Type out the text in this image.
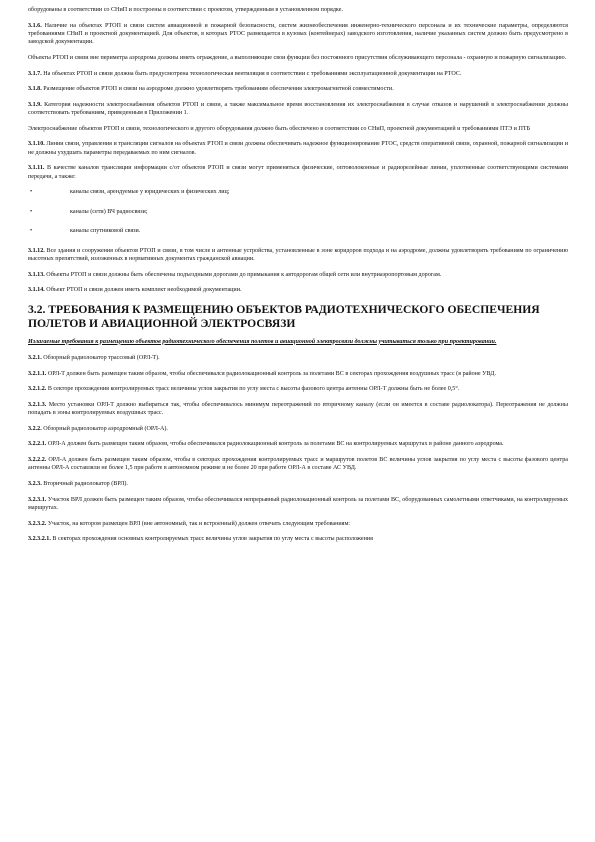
оборудованы в соответствии со СНиП и построены в соответствии с проектом, утвержденным в установленном порядке.

3.1.6. Наличие на объектах РТОП и связи систем авиационной и пожарной безопасности, систем жизнеобеспечения инженерно-технического персонала и их технические параметры, определяются требованиями СНиП и проектной документацией. Для объектов, в которых РТОС размещается в кузовах (контейнерах) заводского изготовления, наличие указанных систем должно быть предусмотрено в заводской документации.

Объекты РТОП и связи вне периметра аэродрома должны иметь ограждение, а выполняющие свои функции без постоянного присутствия обслуживающего персонала - охранную и пожарную сигнализацию.

3.1.7. На объектах РТОП и связи должна быть предусмотрена технологическая вентиляция в соответствии с требованиями эксплуатационной документации на РТОС.

3.1.8. Размещение объектов РТОП и связи на аэродроме должно удовлетворять требованиям обеспечения электромагнитной совместимости.

3.1.9. Категория надежности электроснабжения объектов РТОП и связи, а также максимальное время восстановления их электроснабжения в случае отказов и нарушений в электроснабжении должны соответствовать требованиям, приведенным в Приложении 1.

Электроснабжение объектов РТОП и связи, технологического и другого оборудования должно быть обеспечено в соответствии со СНиП, проектной документацией и требованиями ПТЭ и ПТБ

3.1.10. Линии связи, управления и трансляции сигналов на объектах РТОП и связи должны обеспечивать надежное функционирование РТОС, средств оперативной связи, охранной, пожарной сигнализации и не должны ухудшать параметры передаваемых по ним сигналов.

3.1.11. В качестве каналов трансляции информации с/от объектов РТОП и связи могут применяться физические, оптоволоконные и радиорелейные линии, уплотненные соответствующими системами передачи, а также:

•	каналы связи, арендуемые у юридических и физических лиц;
•	каналы (сети) ВЧ радиосвязи;
•	каналы спутниковой связи.

3.1.12. Все здания и сооружения объектов РТОП и связи, в том числе и антенные устройства, установленные в зоне коридоров подхода и на аэродроме, должны удовлетворять требованиям по ограничению высотных препятствий, изложенных в нормативных документах гражданской авиации.

3.1.13. Объекты РТОП и связи должны быть обеспечены подъездными дорогами до примыкания к автодорогам общей сети или внутриаэропортовым дорогам.

3.1.14. Объект РТОП и связи должен иметь комплект необходимой документации.

3.2. ТРЕБОВАНИЯ К РАЗМЕЩЕНИЮ ОБЪЕКТОВ РАДИОТЕХНИЧЕСКОГО ОБЕСПЕЧЕНИЯ ПОЛЕТОВ И АВИАЦИОННОЙ ЭЛЕКТРОСВЯЗИ

Излагаемые требования к размещению объектов радиотехнического обеспечения полетов и авиационной электросвязи должны учитываться только при проектировании.

3.2.1. Обзорный радиолокатор трассовый (ОРЛ-Т).

3.2.1.1. ОРЛ-Т должен быть размещен таким образом, чтобы обеспечивался радиолокационный контроль за полетами ВС в секторах прохождения воздушных трасс (в районе УВД.

3.2.1.2. В секторе прохождения контролируемых трасс величины углов закрытия по углу места с высоты фазового центра антенны ОРЛ-Т должны быть не более 0,5°.

3.2.1.3. Место установки ОРЛ-Т должно выбираться так, чтобы обеспечивалось минимум переотражений по вторичному каналу (если он имеется в составе радиолокатора). Переотражения не должны попадать в зоны контролируемых воздушных трасс.

3.2.2. Обзорный радиолокатор аэродромный (ОРЛ-А).

3.2.2.1. ОРЛ-А должен быть размещен таким образом, чтобы обеспечивался радиолокационный контроль за полетами ВС на контролируемых маршрутах в районе данного аэродрома.

3.2.2.2. ОРЛ-А должен быть размещен таким образом, чтобы в секторах прохождения контролируемых трасс и маршрутов полетов ВС величины углов закрытия по углу места с высоты фазового центра антенны ОРЛ-А составляли не более 1,5 при работе в автономном режиме и не более 20 при работе ОРЛ-А в составе АС УВД.

3.2.3. Вторичный радиолокатор (ВРЛ).

3.2.3.1. Участок ВРЛ должен быть размещен таким образом, чтобы обеспечивался непрерывный радиолокационный контроль за полетами ВС, оборудованных самолетными ответчиками, на контролируемых маршрутах.

3.2.3.2. Участок, на котором размещен ВРЛ (вне автономный, так и встроенный) должен отвечать следующим требованиям:

3.2.3.2.1. В секторах прохождения основных контролируемых трасс величины углов закрытия по углу места с высоты расположения
